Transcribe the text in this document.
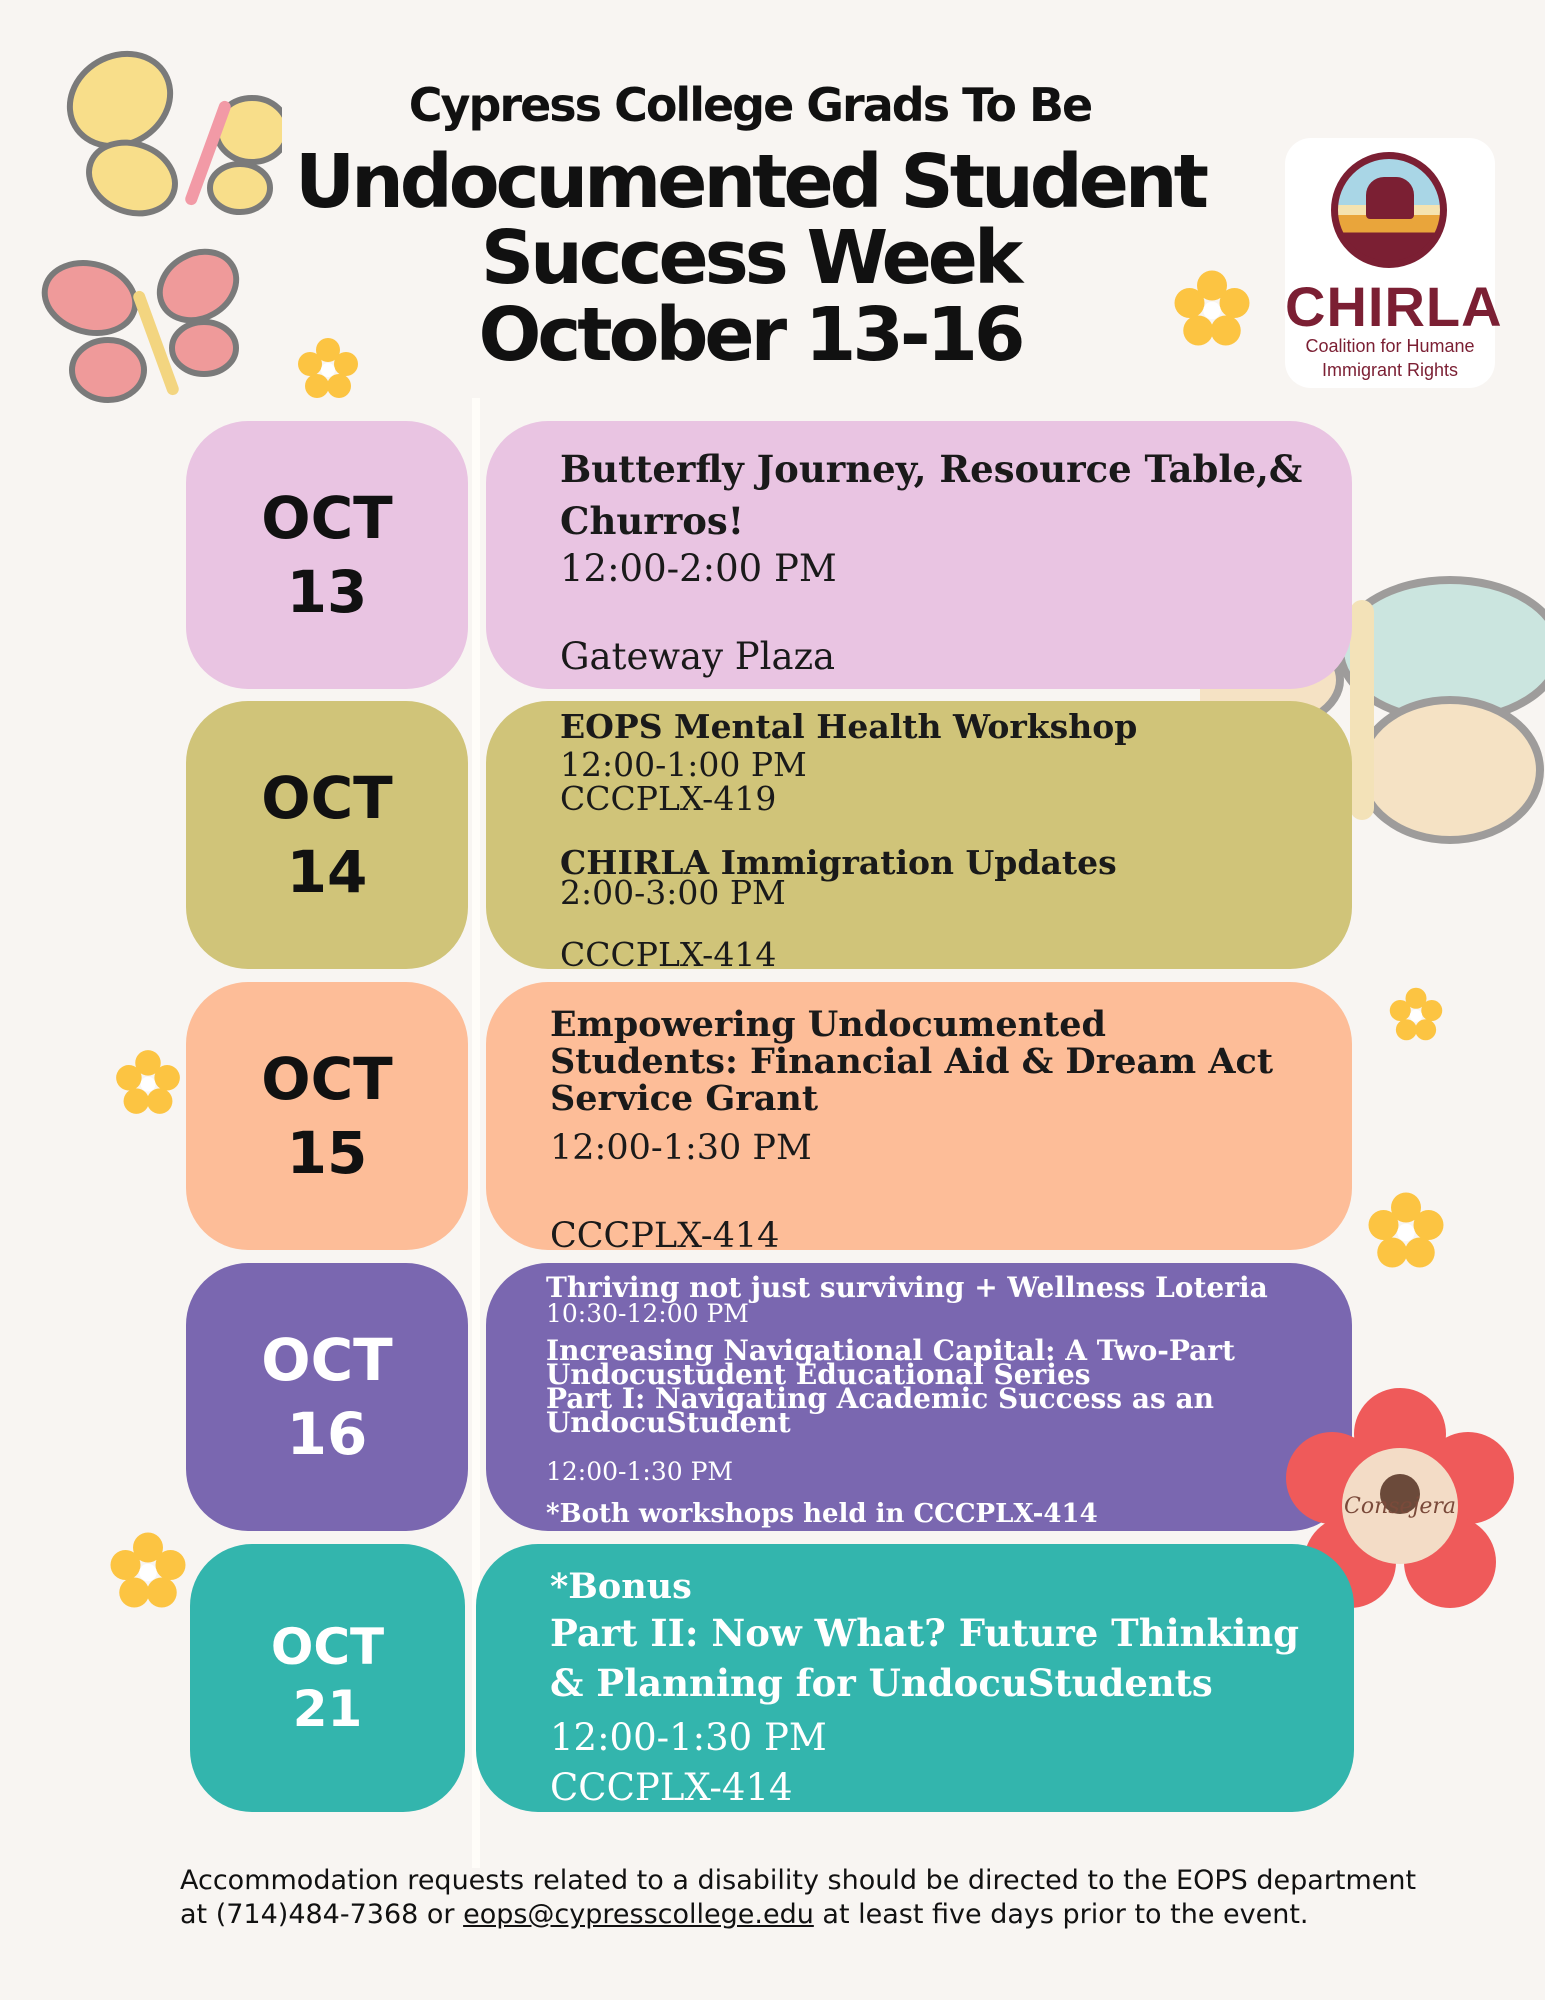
Cypress College Grads To Be
Undocumented Student
Success Week
October 13-16	CHIRLA
Coalition for Humane
Immigrant Rights
OCT
13
Butterfly Journey, Resource Table,&
Churros!
12:00-2:00 PM
Gateway Plaza
OCT
14
EOPS Mental Health Workshop
12:00-1:00 PM
CCCPLX-419
CHIRLA Immigration Updates
2:00-3:00 PM
CCCPLX-414
OCT
15
Empowering Undocumented
Students: Financial Aid & Dream Act
Service Grant
12:00-1:30 PM
CCCPLX-414
OCT
16
Thriving not just surviving + Wellness Loteria
10:30-12:00 PM
Increasing Navigational Capital: A Two-Part
Undocustudent Educational Series
Part I: Navigating Academic Success as an
UndocuStudent
12:00-1:30 PM
*Both workshops held in CCCPLX-414	Consejera
OCT
21
*Bonus
Part II: Now What? Future Thinking
& Planning for UndocuStudents
12:00-1:30 PM
CCCPLX-414
Accommodation requests related to a disability should be directed to the EOPS department
at (714)484-7368 or eops@cypresscollege.edu at least five days prior to the event.
